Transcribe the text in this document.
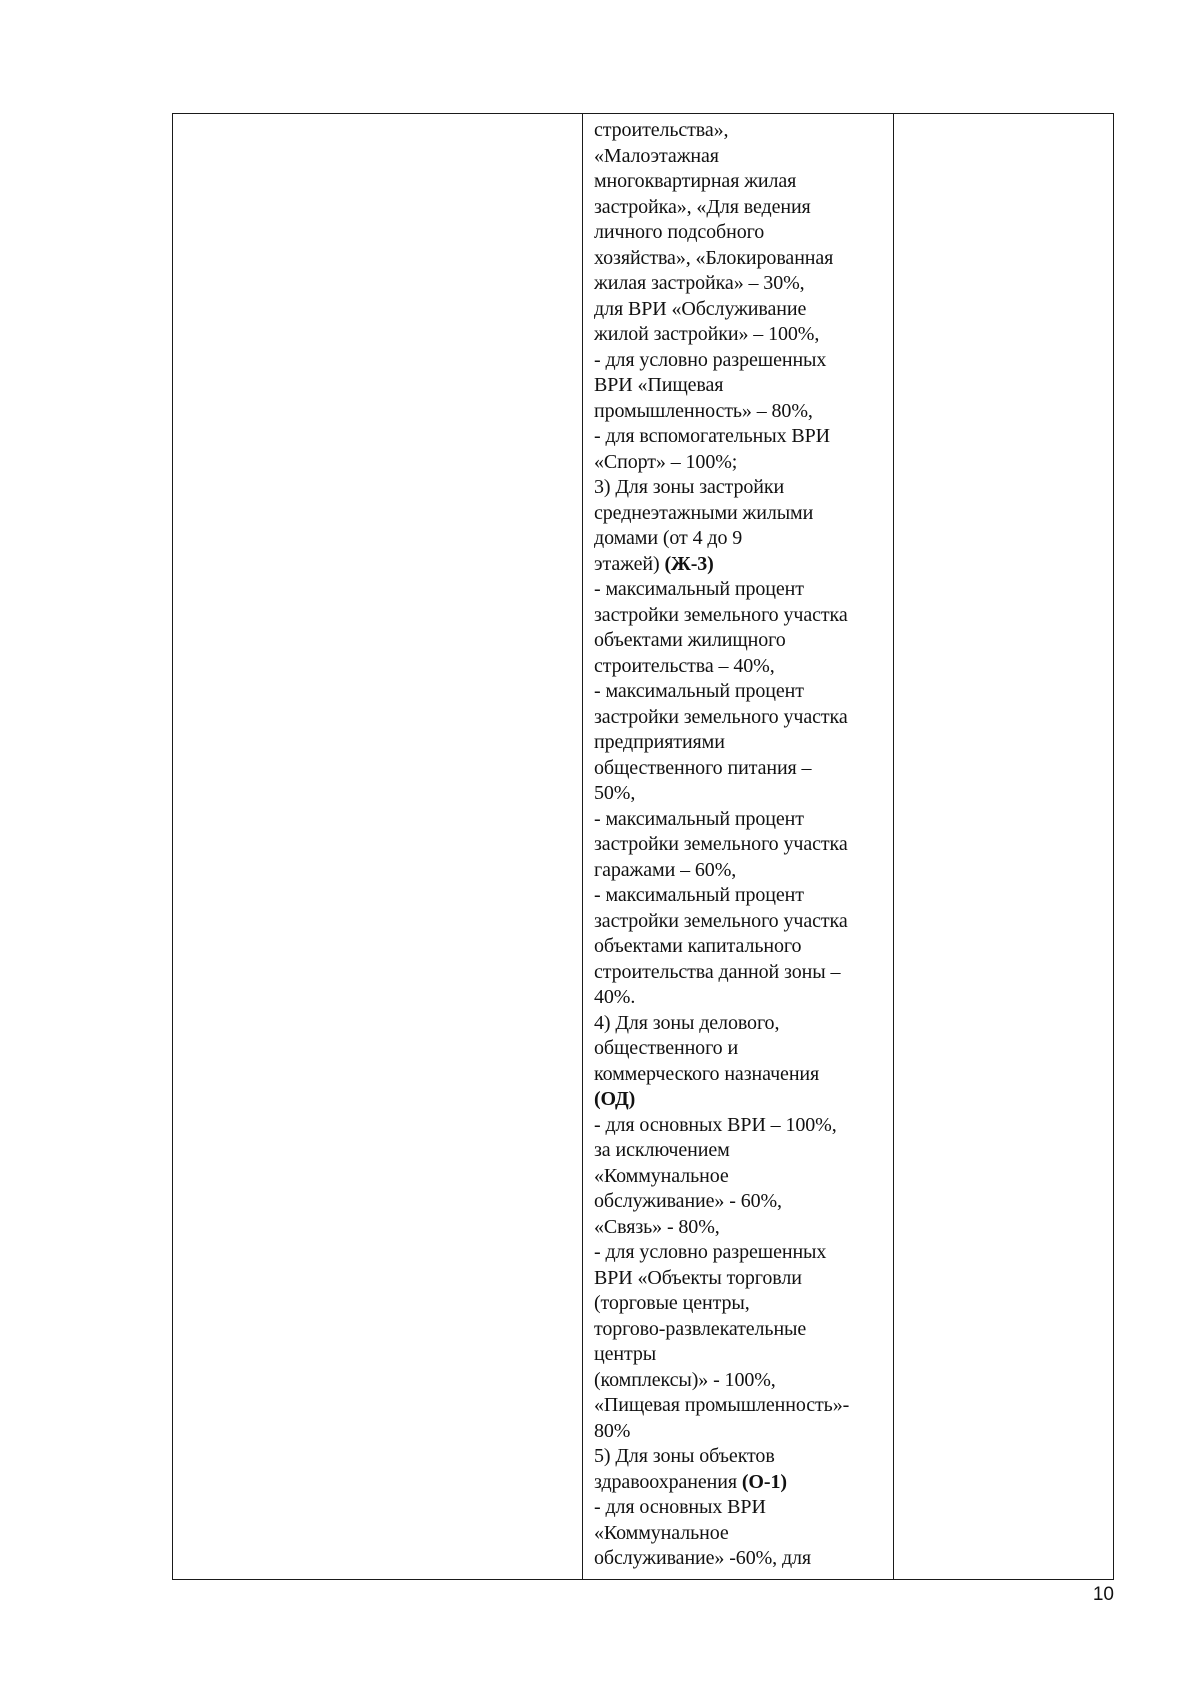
строительства»,
«Малоэтажная
многоквартирная жилая
застройка», «Для ведения
личного подсобного
хозяйства», «Блокированная
жилая застройка» – 30%,
для ВРИ «Обслуживание
жилой застройки» – 100%,
- для условно разрешенных
ВРИ «Пищевая
промышленность» – 80%,
- для вспомогательных ВРИ
«Спорт» – 100%;
3) Для зоны застройки
среднеэтажными жилыми
домами (от 4 до 9
этажей) (Ж-3)
- максимальный процент
застройки земельного участка
объектами жилищного
строительства – 40%,
- максимальный процент
застройки земельного участка
предприятиями
общественного питания –
50%,
- максимальный процент
застройки земельного участка
гаражами – 60%,
- максимальный процент
застройки земельного участка
объектами капитального
строительства данной зоны –
40%.
4) Для зоны делового,
общественного и
коммерческого назначения
(ОД)
- для основных ВРИ – 100%,
за исключением
«Коммунальное
обслуживание» - 60%,
«Связь» - 80%,
- для условно разрешенных
ВРИ «Объекты торговли
(торговые центры,
торгово-развлекательные
центры
(комплексы)» - 100%,
«Пищевая промышленность»-
80%
5) Для зоны объектов
здравоохранения (О-1)
- для основных ВРИ
«Коммунальное
обслуживание» -60%, для
10
